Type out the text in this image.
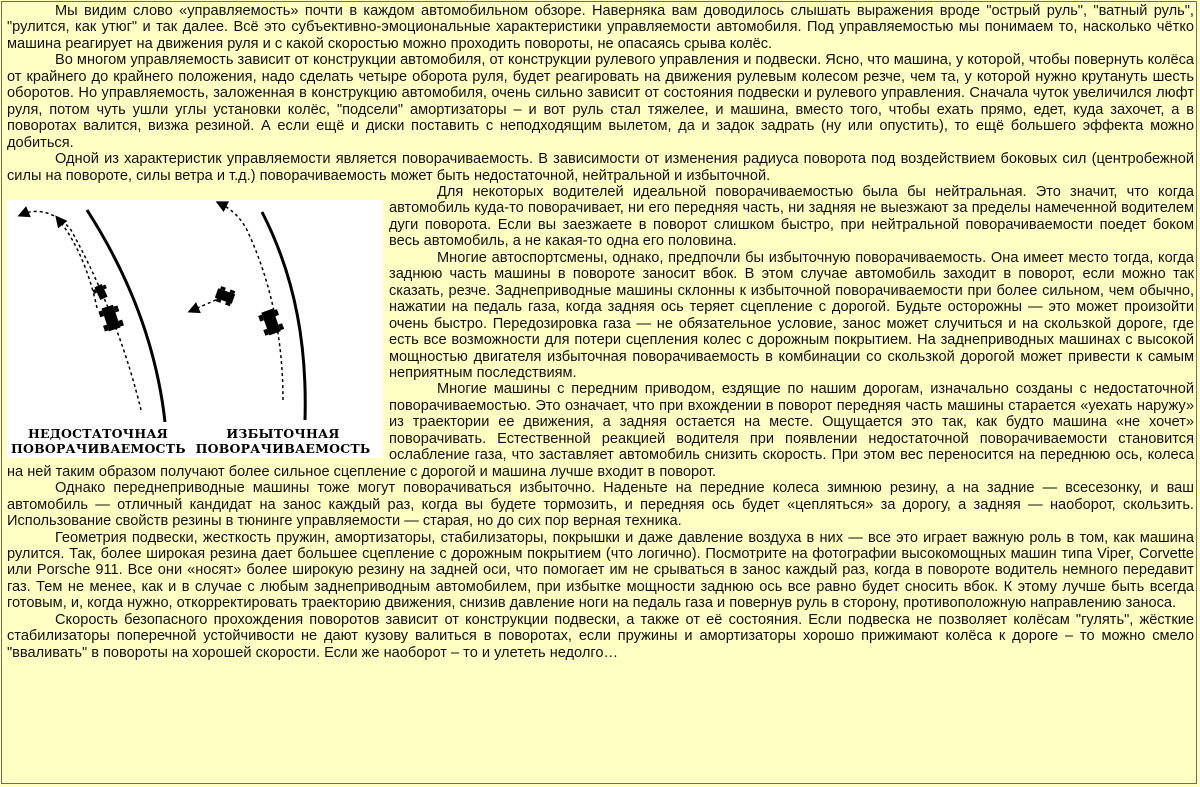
Мы видим слово «управляемость» почти в каждом автомобильном обзоре. Наверняка вам доводилось слышать выражения вроде "острый руль", "ватный руль", "рулится, как утюг" и так далее. Всё это субъективно-эмоциональные характеристики управляемости автомобиля. Под управляемостью мы понимаем то, насколько чётко машина реагирует на движения руля и с какой скоростью можно проходить повороты, не опасаясь срыва колёс.

Во многом управляемость зависит от конструкции автомобиля, от конструкции рулевого управления и подвески. Ясно, что машина, у которой, чтобы повернуть колёса от крайнего до крайнего положения, надо сделать четыре оборота руля, будет реагировать на движения рулевым колесом резче, чем та, у которой нужно крутануть шесть оборотов. Но управляемость, заложенная в конструкцию автомобиля, очень сильно зависит от состояния подвески и рулевого управления. Сначала чуток увеличился люфт руля, потом чуть ушли углы установки колёс, "подсели" амортизаторы – и вот руль стал тяжелее, и машина, вместо того, чтобы ехать прямо, едет, куда захочет, а в поворотах валится, визжа резиной. А если ещё и диски поставить с неподходящим вылетом, да и задок задрать (ну или опустить), то ещё большего эффекта можно добиться.

Одной из характеристик управляемости является поворачиваемость. В зависимости от изменения радиуса поворота под воздействием боковых сил (центробежной силы на повороте, силы ветра и т.д.) поворачиваемость может быть недостаточной, нейтральной и избыточной.

НЕДОСТАТОЧНАЯ
ПОВОРАЧИВАЕМОСТЬ
ИЗБЫТОЧНАЯ
ПОВОРАЧИВАЕМОСТЬ

Для некоторых водителей идеальной поворачиваемостью была бы нейтральная. Это значит, что когда автомобиль куда-то поворачивает, ни его передняя часть, ни задняя не выезжают за пределы намеченной водителем дуги поворота. Если вы заезжаете в поворот слишком быстро, при нейтральной поворачиваемости поедет боком весь автомобиль, а не какая-то одна его половина.

Многие автоспортсмены, однако, предпочли бы избыточную поворачиваемость. Она имеет место тогда, когда заднюю часть машины в повороте заносит вбок. В этом случае автомобиль заходит в поворот, если можно так сказать, резче. Заднеприводные машины склонны к избыточной поворачиваемости при более сильном, чем обычно, нажатии на педаль газа, когда задняя ось теряет сцепление с дорогой. Будьте осторожны — это может произойти очень быстро. Передозировка газа — не обязательное условие, занос может случиться и на скользкой дороге, где есть все возможности для потери сцепления колес с дорожным покрытием. На заднеприводных машинах с высокой мощностью двигателя избыточная поворачиваемость в комбинации со скользкой дорогой может привести к самым неприятным последствиям.

Многие машины с передним приводом, ездящие по нашим дорогам, изначально созданы с недостаточной поворачиваемостью. Это означает, что при вхождении в поворот передняя часть машины старается «уехать наружу» из траектории ее движения, а задняя остается на месте. Ощущается это так, как будто машина «не хочет» поворачивать. Естественной реакцией водителя при появлении недостаточной поворачиваемости становится ослабление газа, что заставляет автомобиль снизить скорость. При этом вес переносится на переднюю ось, колеса на ней таким образом получают более сильное сцепление с дорогой и машина лучше входит в поворот.

Однако переднеприводные машины тоже могут поворачиваться избыточно. Наденьте на передние колеса зимнюю резину, а на задние — всесезонку, и ваш автомобиль — отличный кандидат на занос каждый раз, когда вы будете тормозить, и передняя ось будет «цепляться» за дорогу, а задняя — наоборот, скользить. Использование свойств резины в тюнинге управляемости — старая, но до сих пор верная техника.

Геометрия подвески, жесткость пружин, амортизаторы, стабилизаторы, покрышки и даже давление воздуха в них — все это играет важную роль в том, как машина рулится. Так, более широкая резина дает большее сцепление с дорожным покрытием (что логично). Посмотрите на фотографии высокомощных машин типа Viper, Corvette или Porsche 911. Все они «носят» более широкую резину на задней оси, что помогает им не срываться в занос каждый раз, когда в повороте водитель немного передавит газ. Тем не менее, как и в случае с любым заднеприводным автомобилем, при избытке мощности заднюю ось все равно будет сносить вбок. К этому лучше быть всегда готовым, и, когда нужно, откорректировать траекторию движения, снизив давление ноги на педаль газа и повернув руль в сторону, противоположную направлению заноса.

Скорость безопасного прохождения поворотов зависит от конструкции подвески, а также от её состояния. Если подвеска не позволяет колёсам "гулять", жёсткие стабилизаторы поперечной устойчивости не дают кузову валиться в поворотах, если пружины и амортизаторы хорошо прижимают колёса к дороге – то можно смело "вваливать" в повороты на хорошей скорости. Если же наоборот – то и улететь недолго…
